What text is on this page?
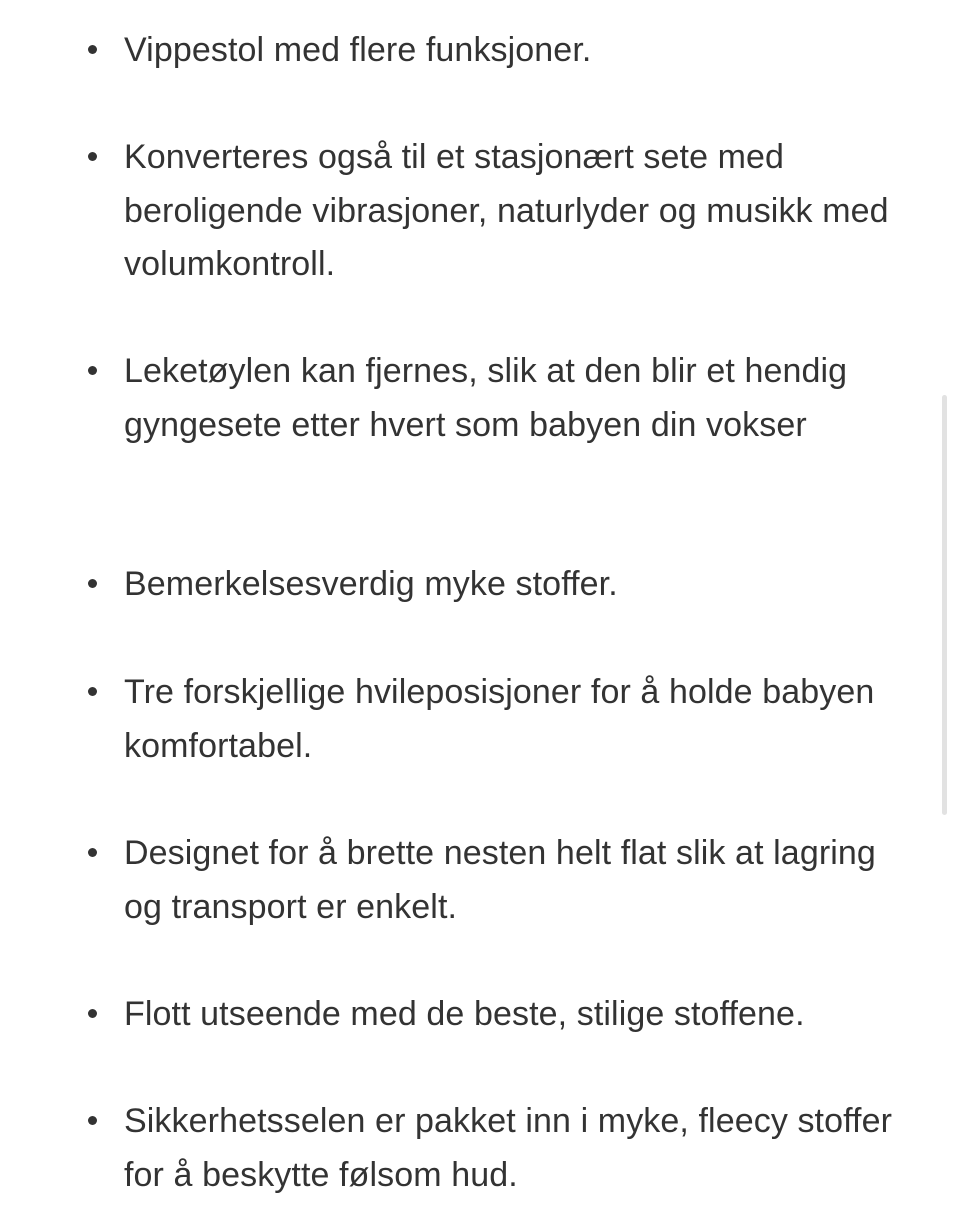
Vippestol med flere funksjoner.
Konverteres også til et stasjonært sete med beroligende vibrasjoner, naturlyder og musikk med volumkontroll.
Leketøylen kan fjernes, slik at den blir et hendig gyngesete etter hvert som babyen din vokser
Bemerkelsesverdig myke stoffer.
Tre forskjellige hvileposisjoner for å holde babyen komfortabel.
Designet for å brette nesten helt flat slik at lagring og transport er enkelt.
Flott utseende med de beste, stilige stoffene.
Sikkerhetsselen er pakket inn i myke, fleecy stoffer for å beskytte følsom hud.
